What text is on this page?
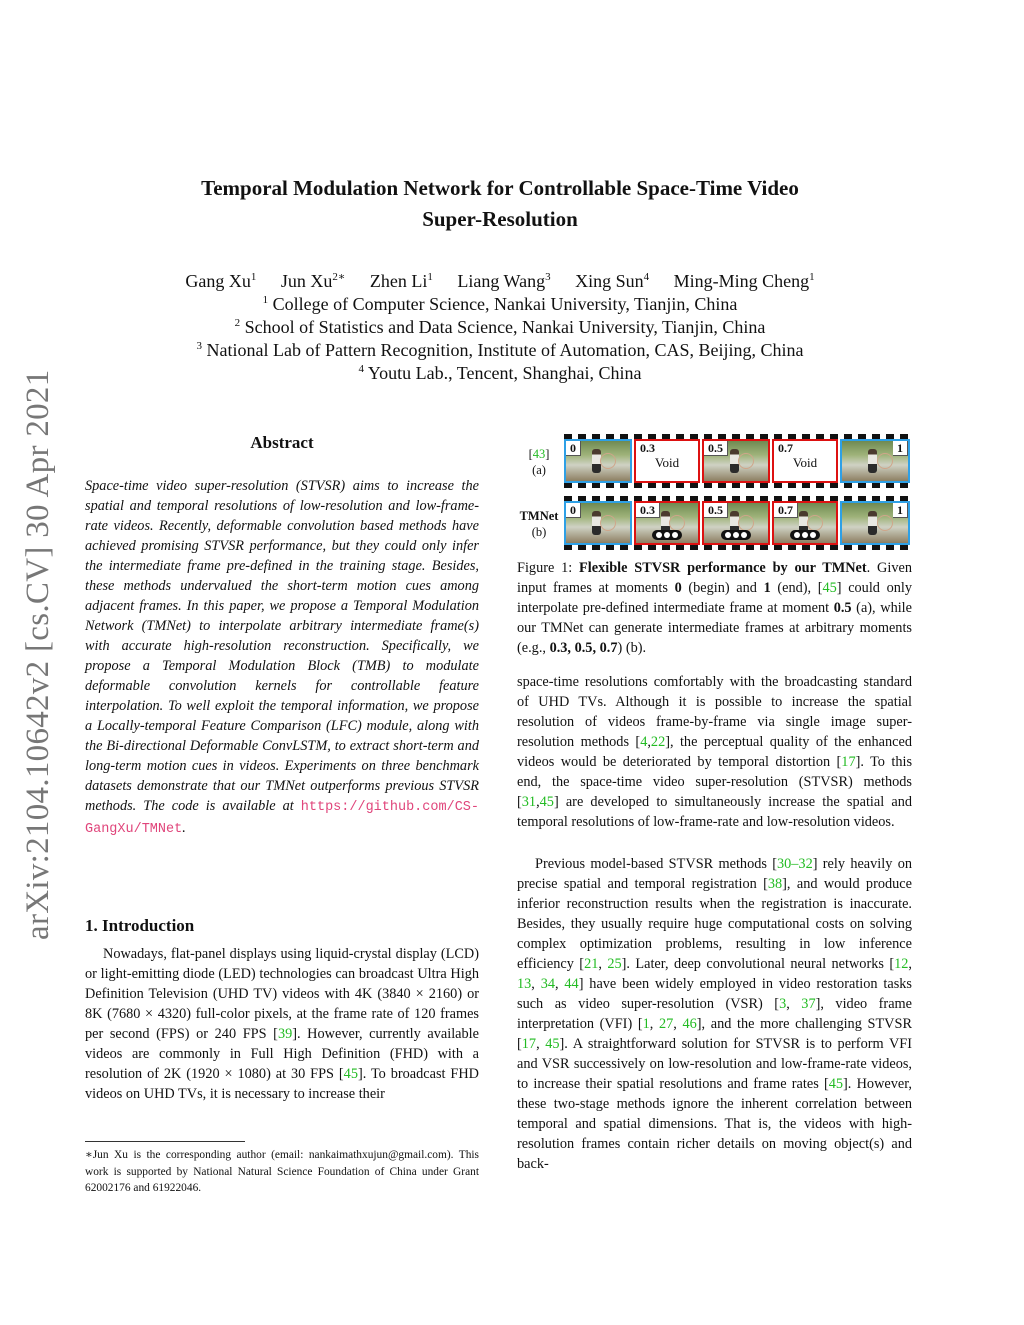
arXiv:2104.10642v2 [cs.CV] 30 Apr 2021
Temporal Modulation Network for Controllable Space-Time Video
Super-Resolution
Gang Xu$^1$ Jun $Xu^{2∗}$ Zhen Li$^1$ Liang Wang$^3$ Xing Sun$^4$ Ming-Ming Cheng$^1$
$^1$ College of Computer Science, Nankai University, Tianjin, China
$^2$ School of Statistics and Data Science, Nankai University, Tianjin, China
$^3$ National Lab of Pattern Recognition, Institute of Automation, CAS, Beijing, China
$^4$ Youtu Lab., Tencent, Shanghai, China
Abstract
Space-time video super-resolution (STVSR) aims to increase the spatial and temporal resolutions of low-resolution and low-frame-rate videos. Recently, deformable convolution based methods have achieved promising STVSR performance, but they could only infer the intermediate frame pre-defined in the training stage. Besides, these methods undervalued the short-term motion cues among adjacent frames. In this paper, we propose a Temporal Modulation Network (TMNet) to interpolate arbitrary intermediate frame(s) with accurate high-resolution reconstruction. Specifically, we propose a Temporal Modulation Block (TMB) to modulate deformable convolution kernels for controllable feature interpolation. To well exploit the temporal information, we propose a Locally-temporal Feature Comparison (LFC) module, along with the Bi-directional Deformable ConvLSTM, to extract short-term and long-term motion cues in videos. Experiments on three benchmark datasets demonstrate that our TMNet outperforms previous STVSR methods. The code is available at https://github.com/CS-GangXu/TMNet.
1. Introduction
Nowadays, flat-panel displays using liquid-crystal display (LCD) or light-emitting diode (LED) technologies can broadcast Ultra High Definition Television (UHD TV) videos with 4K (3840 × 2160) or 8K (7680 × 4320) full-color pixels, at the frame rate of 120 frames per second (FPS) or 240 FPS [39]. However, currently available videos are commonly in Full High Definition (FHD) with a resolution of 2K (1920 × 1080) at 30 FPS [45]. To broadcast FHD videos on UHD TVs, it is necessary to increase their
∗Jun Xu is the corresponding author (email: nankaimathxujun@gmail.com). This work is supported by National Natural Science Foundation of China under Grant 62002176 and 61922046.
[43]
(a)
TMNet
(b)
0	0.3
Void
0.5	0.7
Void
1
0	0.3	0.5	0.7	1
Figure 1: Flexible STVSR performance by our TMNet. Given input frames at moments 0 (begin) and 1 (end), [45] could only interpolate pre-defined intermediate frame at moment 0.5 (a), while our TMNet can generate intermediate frames at arbitrary moments (e.g., 0.3, 0.5, 0.7) (b).
space-time resolutions comfortably with the broadcasting standard of UHD TVs. Although it is possible to increase the spatial resolution of videos frame-by-frame via single image super-resolution methods [4,22], the perceptual quality of the enhanced videos would be deteriorated by temporal distortion [17]. To this end, the space-time video super-resolution (STVSR) methods [31,45] are developed to simultaneously increase the spatial and temporal resolutions of low-frame-rate and low-resolution videos.
Previous model-based STVSR methods [30–32] rely heavily on precise spatial and temporal registration [38], and would produce inferior reconstruction results when the registration is inaccurate. Besides, they usually require huge computational costs on solving complex optimization problems, resulting in low inference efficiency [21, 25]. Later, deep convolutional neural networks [12, 13, 34, 44] have been widely employed in video restoration tasks such as video super-resolution (VSR) [3, 37], video frame interpretation (VFI) [1, 27, 46], and the more challenging STVSR [17, 45]. A straightforward solution for STVSR is to perform VFI and VSR successively on low-resolution and low-frame-rate videos, to increase their spatial resolutions and frame rates [45]. However, these two-stage methods ignore the inherent correlation between temporal and spatial dimensions. That is, the videos with high-resolution frames contain richer details on moving object(s) and back-
